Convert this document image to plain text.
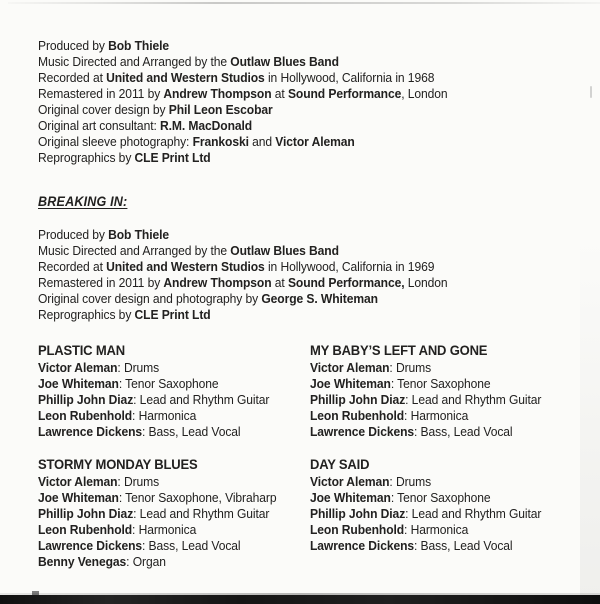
Produced by Bob Thiele
Music Directed and Arranged by the Outlaw Blues Band
Recorded at United and Western Studios in Hollywood, California in 1968
Remastered in 2011 by Andrew Thompson at Sound Performance, London
Original cover design by Phil Leon Escobar
Original art consultant: R.M. MacDonald
Original sleeve photography: Frankoski and Victor Aleman
Reprographics by CLE Print Ltd
BREAKING IN:
Produced by Bob Thiele
Music Directed and Arranged by the Outlaw Blues Band
Recorded at United and Western Studios in Hollywood, California in 1969
Remastered in 2011 by Andrew Thompson at Sound Performance, London
Original cover design and photography by George S. Whiteman
Reprographics by CLE Print Ltd
PLASTIC MAN
Victor Aleman: Drums
Joe Whiteman: Tenor Saxophone
Phillip John Diaz: Lead and Rhythm Guitar
Leon Rubenhold: Harmonica
Lawrence Dickens: Bass, Lead Vocal
MY BABY’S LEFT AND GONE
Victor Aleman: Drums
Joe Whiteman: Tenor Saxophone
Phillip John Diaz: Lead and Rhythm Guitar
Leon Rubenhold: Harmonica
Lawrence Dickens: Bass, Lead Vocal
STORMY MONDAY BLUES
Victor Aleman: Drums
Joe Whiteman: Tenor Saxophone, Vibraharp
Phillip John Diaz: Lead and Rhythm Guitar
Leon Rubenhold: Harmonica
Lawrence Dickens: Bass, Lead Vocal
Benny Venegas: Organ
DAY SAID
Victor Aleman: Drums
Joe Whiteman: Tenor Saxophone
Phillip John Diaz: Lead and Rhythm Guitar
Leon Rubenhold: Harmonica
Lawrence Dickens: Bass, Lead Vocal
